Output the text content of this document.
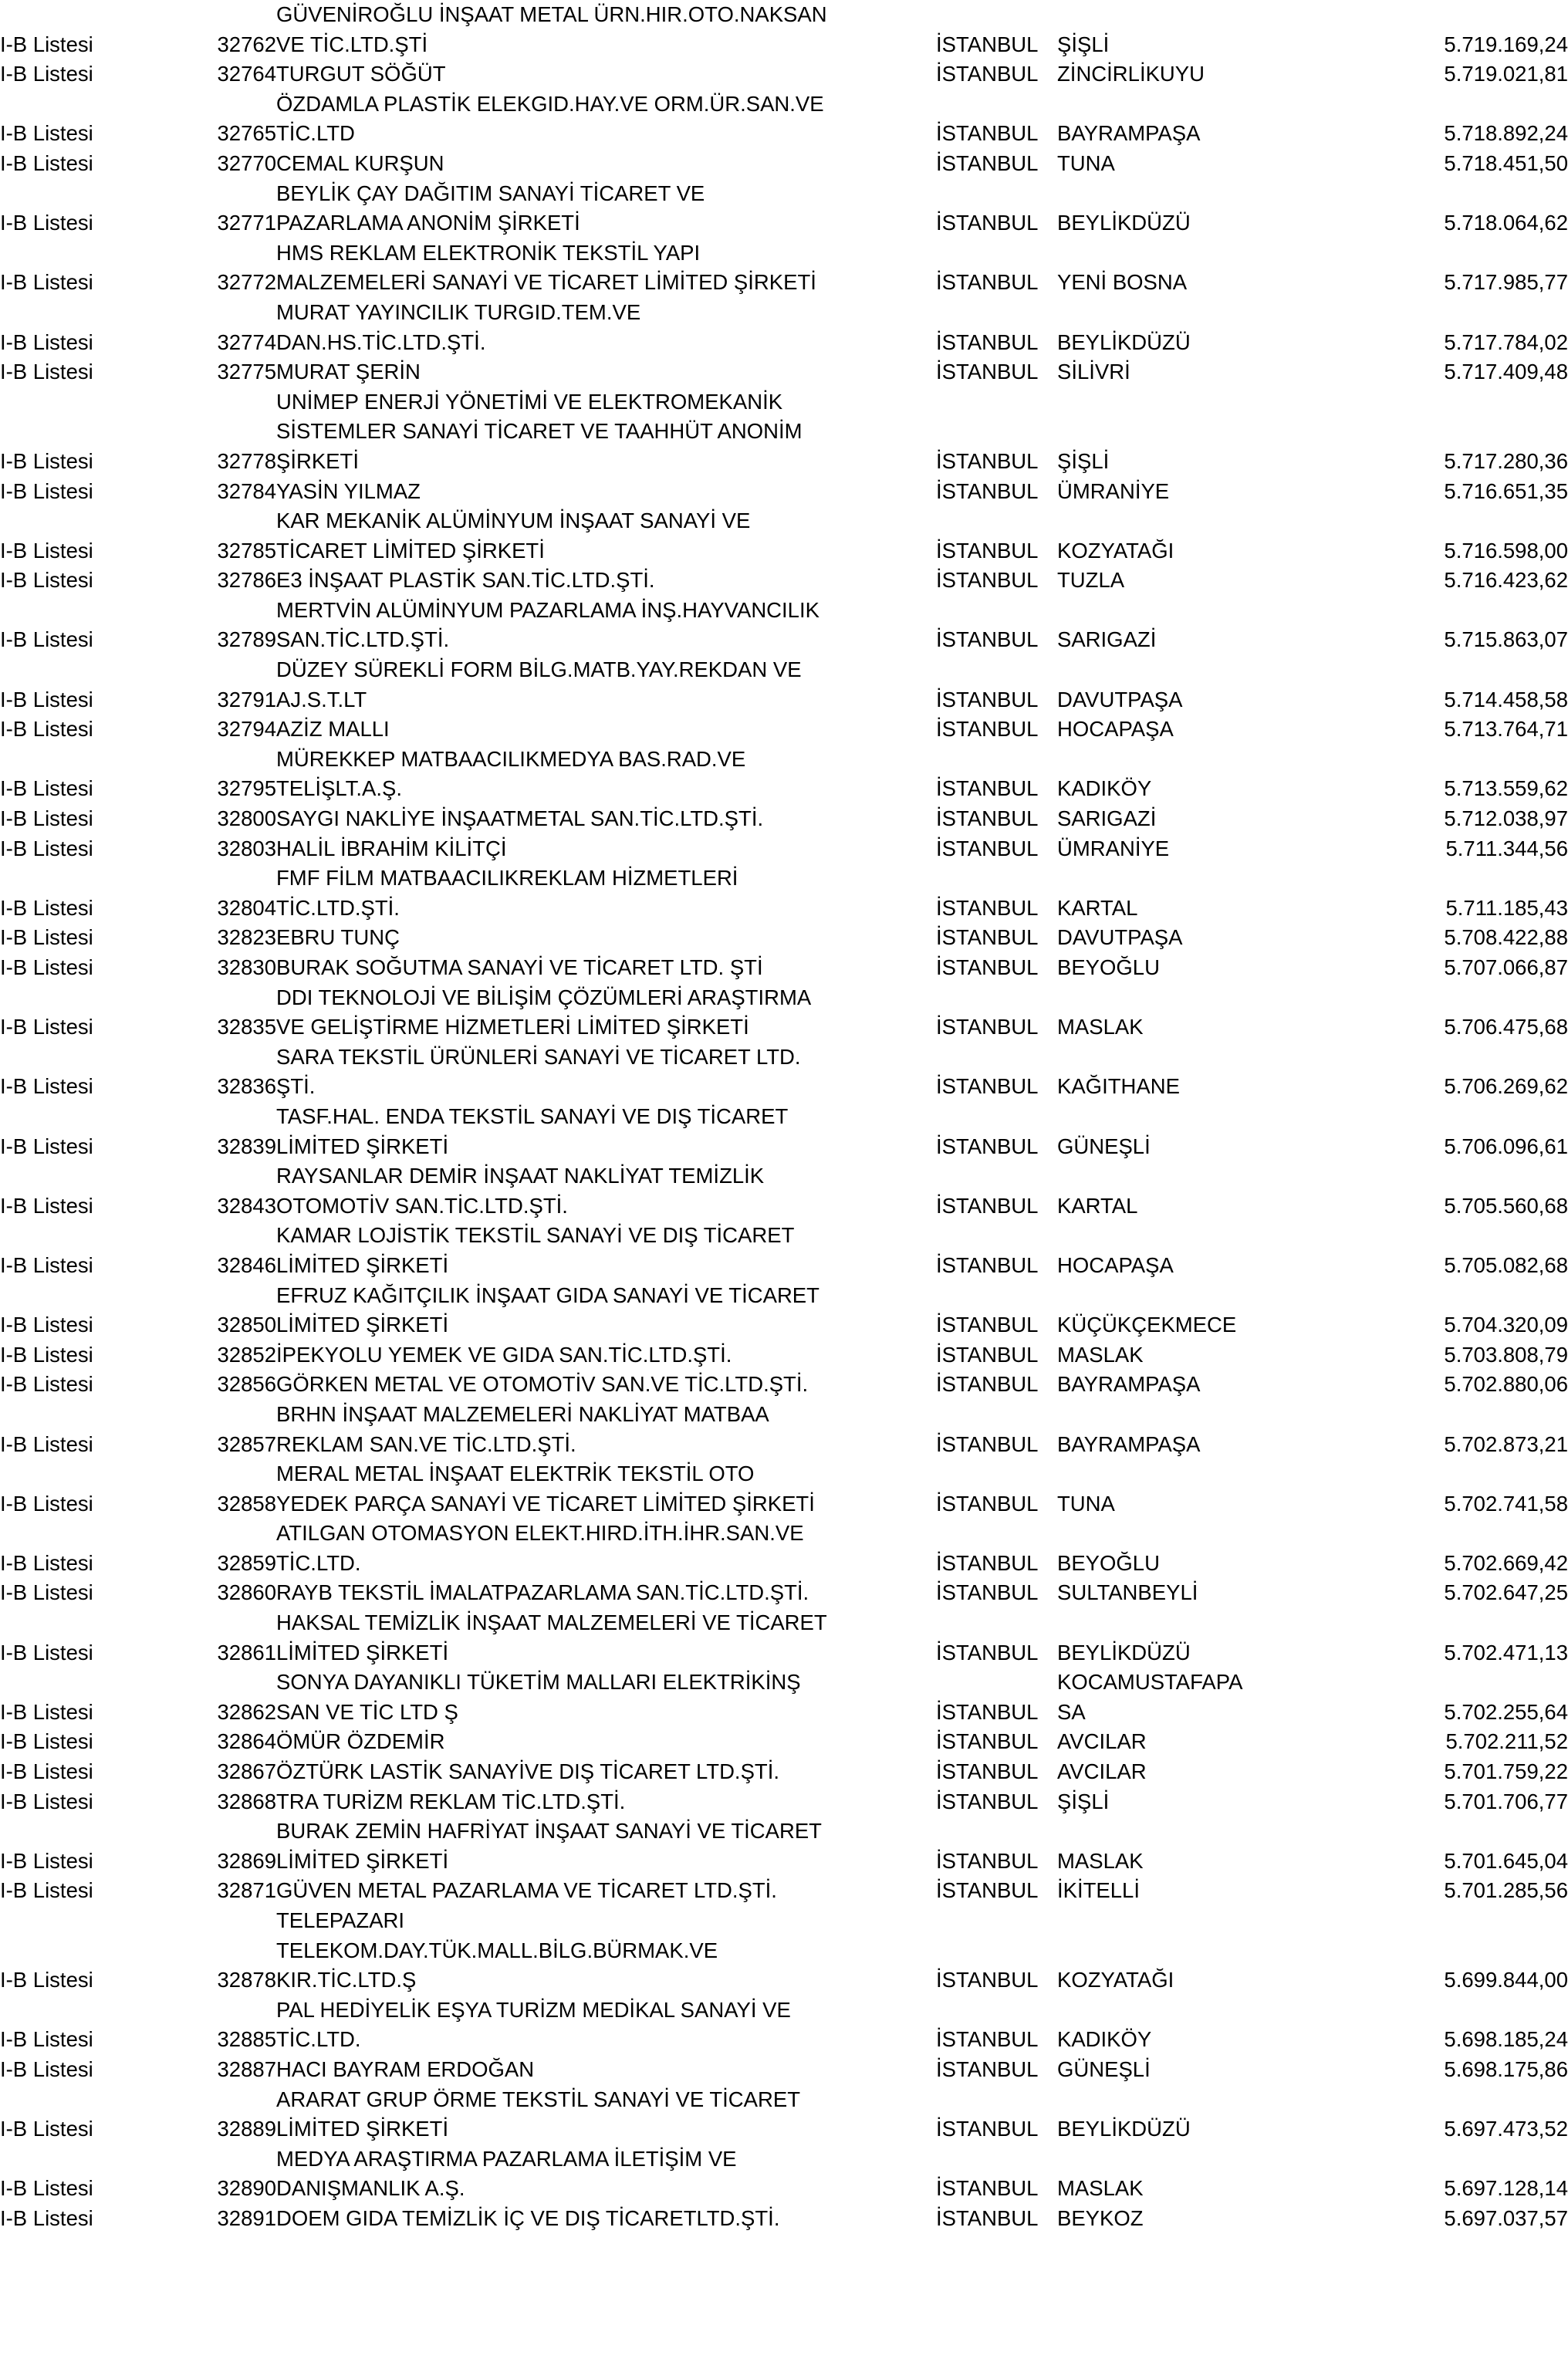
		GÜVENİROĞLU İNŞAAT METAL ÜRN.HIR.OTO.NAKSAN			
I-B Listesi	32762	VE TİC.LTD.ŞTİ	İSTANBUL	ŞİŞLİ	5.719.169,24
I-B Listesi	32764	TURGUT SÖĞÜT	İSTANBUL	ZİNCİRLİKUYU	5.719.021,81
		ÖZDAMLA PLASTİK ELEKGID.HAY.VE ORM.ÜR.SAN.VE			
I-B Listesi	32765	TİC.LTD	İSTANBUL	BAYRAMPAŞA	5.718.892,24
I-B Listesi	32770	CEMAL KURŞUN	İSTANBUL	TUNA	5.718.451,50
		BEYLİK ÇAY DAĞITIM SANAYİ TİCARET VE			
I-B Listesi	32771	PAZARLAMA ANONİM ŞİRKETİ	İSTANBUL	BEYLİKDÜZÜ	5.718.064,62
		HMS REKLAM ELEKTRONİK TEKSTİL YAPI			
I-B Listesi	32772	MALZEMELERİ SANAYİ VE TİCARET LİMİTED ŞİRKETİ	İSTANBUL	YENİ BOSNA	5.717.985,77
		MURAT YAYINCILIK TURGID.TEM.VE			
I-B Listesi	32774	DAN.HS.TİC.LTD.ŞTİ.	İSTANBUL	BEYLİKDÜZÜ	5.717.784,02
I-B Listesi	32775	MURAT ŞERİN	İSTANBUL	SİLİVRİ	5.717.409,48
		UNİMEP ENERJİ YÖNETİMİ VE ELEKTROMEKANİK			
		SİSTEMLER SANAYİ TİCARET VE TAAHHÜT ANONİM			
I-B Listesi	32778	ŞİRKETİ	İSTANBUL	ŞİŞLİ	5.717.280,36
I-B Listesi	32784	YASİN YILMAZ	İSTANBUL	ÜMRANİYE	5.716.651,35
		KAR MEKANİK ALÜMİNYUM İNŞAAT SANAYİ VE			
I-B Listesi	32785	TİCARET LİMİTED ŞİRKETİ	İSTANBUL	KOZYATAĞI	5.716.598,00
I-B Listesi	32786	E3 İNŞAAT PLASTİK SAN.TİC.LTD.ŞTİ.	İSTANBUL	TUZLA	5.716.423,62
		MERTVİN ALÜMİNYUM PAZARLAMA İNŞ.HAYVANCILIK			
I-B Listesi	32789	SAN.TİC.LTD.ŞTİ.	İSTANBUL	SARIGAZİ	5.715.863,07
		DÜZEY SÜREKLİ FORM BİLG.MATB.YAY.REKDAN VE			
I-B Listesi	32791	AJ.S.T.LT	İSTANBUL	DAVUTPAŞA	5.714.458,58
I-B Listesi	32794	AZİZ MALLI	İSTANBUL	HOCAPAŞA	5.713.764,71
		MÜREKKEP MATBAACILIKMEDYA BAS.RAD.VE			
I-B Listesi	32795	TELİŞLT.A.Ş.	İSTANBUL	KADIKÖY	5.713.559,62
I-B Listesi	32800	SAYGI NAKLİYE İNŞAATMETAL SAN.TİC.LTD.ŞTİ.	İSTANBUL	SARIGAZİ	5.712.038,97
I-B Listesi	32803	HALİL İBRAHİM KİLİTÇİ	İSTANBUL	ÜMRANİYE	5.711.344,56
		FMF FİLM MATBAACILIKREKLAM HİZMETLERİ			
I-B Listesi	32804	TİC.LTD.ŞTİ.	İSTANBUL	KARTAL	5.711.185,43
I-B Listesi	32823	EBRU TUNÇ	İSTANBUL	DAVUTPAŞA	5.708.422,88
I-B Listesi	32830	BURAK SOĞUTMA SANAYİ VE TİCARET LTD. ŞTİ	İSTANBUL	BEYOĞLU	5.707.066,87
		DDI TEKNOLOJİ VE BİLİŞİM ÇÖZÜMLERİ ARAŞTIRMA			
I-B Listesi	32835	VE GELİŞTİRME HİZMETLERİ LİMİTED ŞİRKETİ	İSTANBUL	MASLAK	5.706.475,68
		SARA TEKSTİL ÜRÜNLERİ SANAYİ VE TİCARET LTD.			
I-B Listesi	32836	ŞTİ.	İSTANBUL	KAĞITHANE	5.706.269,62
		TASF.HAL. ENDA TEKSTİL SANAYİ VE DIŞ TİCARET			
I-B Listesi	32839	LİMİTED ŞİRKETİ	İSTANBUL	GÜNEŞLİ	5.706.096,61
		RAYSANLAR DEMİR İNŞAAT NAKLİYAT TEMİZLİK			
I-B Listesi	32843	OTOMOTİV SAN.TİC.LTD.ŞTİ.	İSTANBUL	KARTAL	5.705.560,68
		KAMAR LOJİSTİK TEKSTİL SANAYİ VE DIŞ TİCARET			
I-B Listesi	32846	LİMİTED ŞİRKETİ	İSTANBUL	HOCAPAŞA	5.705.082,68
		EFRUZ KAĞITÇILIK İNŞAAT GIDA SANAYİ VE TİCARET			
I-B Listesi	32850	LİMİTED ŞİRKETİ	İSTANBUL	KÜÇÜKÇEKMECE	5.704.320,09
I-B Listesi	32852	İPEKYOLU YEMEK VE GIDA SAN.TİC.LTD.ŞTİ.	İSTANBUL	MASLAK	5.703.808,79
I-B Listesi	32856	GÖRKEN METAL VE OTOMOTİV SAN.VE TİC.LTD.ŞTİ.	İSTANBUL	BAYRAMPAŞA	5.702.880,06
		BRHN İNŞAAT MALZEMELERİ NAKLİYAT MATBAA			
I-B Listesi	32857	REKLAM SAN.VE TİC.LTD.ŞTİ.	İSTANBUL	BAYRAMPAŞA	5.702.873,21
		MERAL METAL İNŞAAT ELEKTRİK TEKSTİL OTO			
I-B Listesi	32858	YEDEK PARÇA SANAYİ VE TİCARET LİMİTED ŞİRKETİ	İSTANBUL	TUNA	5.702.741,58
		ATILGAN OTOMASYON ELEKT.HIRD.İTH.İHR.SAN.VE			
I-B Listesi	32859	TİC.LTD.	İSTANBUL	BEYOĞLU	5.702.669,42
I-B Listesi	32860	RAYB TEKSTİL İMALATPAZARLAMA SAN.TİC.LTD.ŞTİ.	İSTANBUL	SULTANBEYLİ	5.702.647,25
		HAKSAL TEMİZLİK İNŞAAT MALZEMELERİ VE TİCARET			
I-B Listesi	32861	LİMİTED ŞİRKETİ	İSTANBUL	BEYLİKDÜZÜ	5.702.471,13
		SONYA DAYANIKLI TÜKETİM MALLARI ELEKTRİKİNŞ		KOCAMUSTAFAPA	
I-B Listesi	32862	SAN VE TİC LTD Ş	İSTANBUL	SA	5.702.255,64
I-B Listesi	32864	ÖMÜR ÖZDEMİR	İSTANBUL	AVCILAR	5.702.211,52
I-B Listesi	32867	ÖZTÜRK LASTİK SANAYİVE DIŞ TİCARET LTD.ŞTİ.	İSTANBUL	AVCILAR	5.701.759,22
I-B Listesi	32868	TRA TURİZM REKLAM TİC.LTD.ŞTİ.	İSTANBUL	ŞİŞLİ	5.701.706,77
		BURAK ZEMİN HAFRİYAT İNŞAAT SANAYİ VE TİCARET			
I-B Listesi	32869	LİMİTED ŞİRKETİ	İSTANBUL	MASLAK	5.701.645,04
I-B Listesi	32871	GÜVEN METAL PAZARLAMA VE TİCARET LTD.ŞTİ.	İSTANBUL	İKİTELLİ	5.701.285,56
		TELEPAZARI			
		TELEKOM.DAY.TÜK.MALL.BİLG.BÜRMAK.VE			
I-B Listesi	32878	KIR.TİC.LTD.Ş	İSTANBUL	KOZYATAĞI	5.699.844,00
		PAL HEDİYELİK EŞYA TURİZM MEDİKAL SANAYİ VE			
I-B Listesi	32885	TİC.LTD.	İSTANBUL	KADIKÖY	5.698.185,24
I-B Listesi	32887	HACI BAYRAM ERDOĞAN	İSTANBUL	GÜNEŞLİ	5.698.175,86
		ARARAT GRUP ÖRME TEKSTİL SANAYİ VE TİCARET			
I-B Listesi	32889	LİMİTED ŞİRKETİ	İSTANBUL	BEYLİKDÜZÜ	5.697.473,52
		MEDYA ARAŞTIRMA PAZARLAMA İLETİŞİM VE			
I-B Listesi	32890	DANIŞMANLIK A.Ş.	İSTANBUL	MASLAK	5.697.128,14
I-B Listesi	32891	DOEM GIDA TEMİZLİK İÇ VE DIŞ TİCARETLTD.ŞTİ.	İSTANBUL	BEYKOZ	5.697.037,57
